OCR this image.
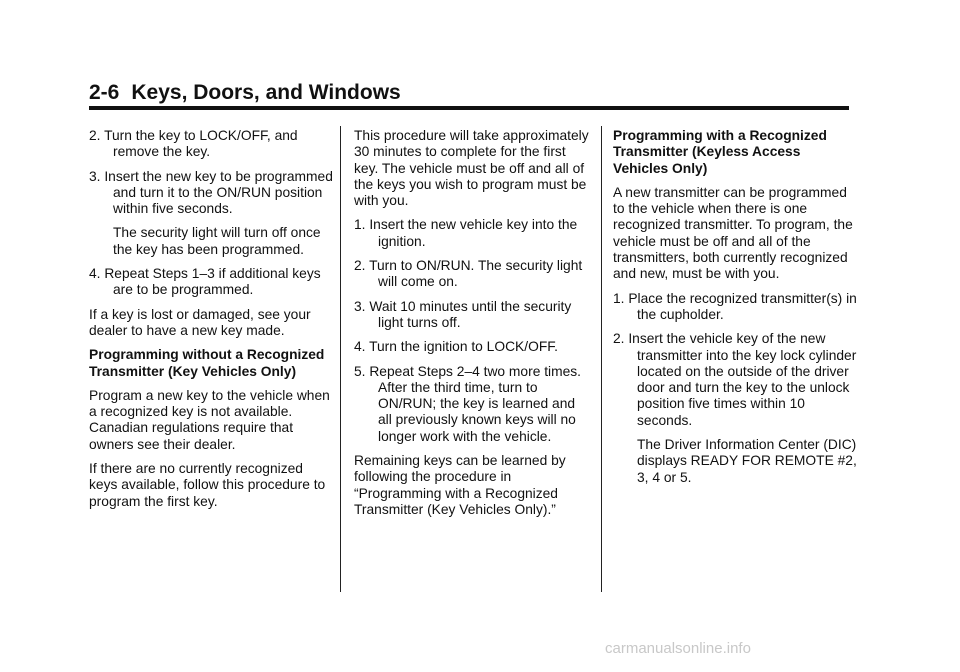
2-6 Keys, Doors, and Windows
2. Turn the key to LOCK/OFF, and remove the key.
3. Insert the new key to be programmed and turn it to the ON/RUN position within five seconds.
The security light will turn off once the key has been programmed.
4. Repeat Steps 1–3 if additional keys are to be programmed.

If a key is lost or damaged, see your dealer to have a new key made.

Programming without a Recognized Transmitter (Key Vehicles Only)

Program a new key to the vehicle when a recognized key is not available. Canadian regulations require that owners see their dealer.

If there are no currently recognized keys available, follow this procedure to program the first key.

This procedure will take approximately 30 minutes to complete for the first key. The vehicle must be off and all of the keys you wish to program must be with you.

1. Insert the new vehicle key into the ignition.
2. Turn to ON/RUN. The security light will come on.
3. Wait 10 minutes until the security light turns off.
4. Turn the ignition to LOCK/OFF.
5. Repeat Steps 2–4 two more times. After the third time, turn to ON/RUN; the key is learned and all previously known keys will no longer work with the vehicle.

Remaining keys can be learned by following the procedure in “Programming with a Recognized Transmitter (Key Vehicles Only).”

Programming with a Recognized Transmitter (Keyless Access Vehicles Only)

A new transmitter can be programmed to the vehicle when there is one recognized transmitter. To program, the vehicle must be off and all of the transmitters, both currently recognized and new, must be with you.

1. Place the recognized transmitter(s) in the cupholder.
2. Insert the vehicle key of the new transmitter into the key lock cylinder located on the outside of the driver door and turn the key to the unlock position five times within 10 seconds.
The Driver Information Center (DIC) displays READY FOR REMOTE #2, 3, 4 or 5.
carmanualsonline.info
